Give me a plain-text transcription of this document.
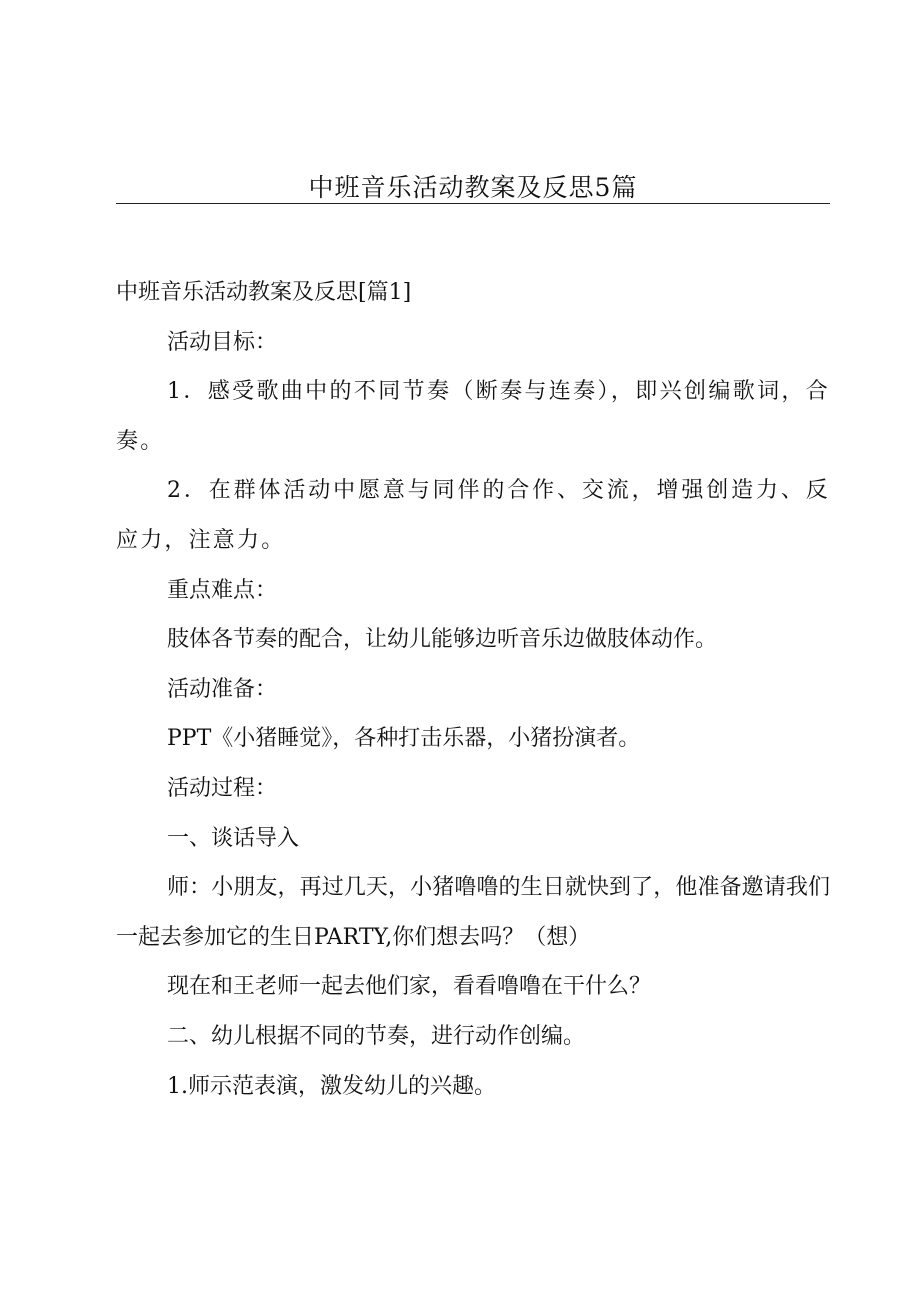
中班音乐活动教案及反思5篇

中班音乐活动教案及反思[篇1]

活动目标：

1．感受歌曲中的不同节奏（断奏与连奏），即兴创编歌词，合奏。

2．在群体活动中愿意与同伴的合作、交流，增强创造力、反应力，注意力。

重点难点：

肢体各节奏的配合，让幼儿能够边听音乐边做肢体动作。

活动准备：

PPT《小猪睡觉》，各种打击乐器，小猪扮演者。

活动过程：

一、谈话导入

师：小朋友，再过几天，小猪噜噜的生日就快到了，他准备邀请我们一起去参加它的生日PARTY,你们想去吗？（想）

现在和王老师一起去他们家，看看噜噜在干什么？

二、幼儿根据不同的节奏，进行动作创编。

1.师示范表演，激发幼儿的兴趣。
